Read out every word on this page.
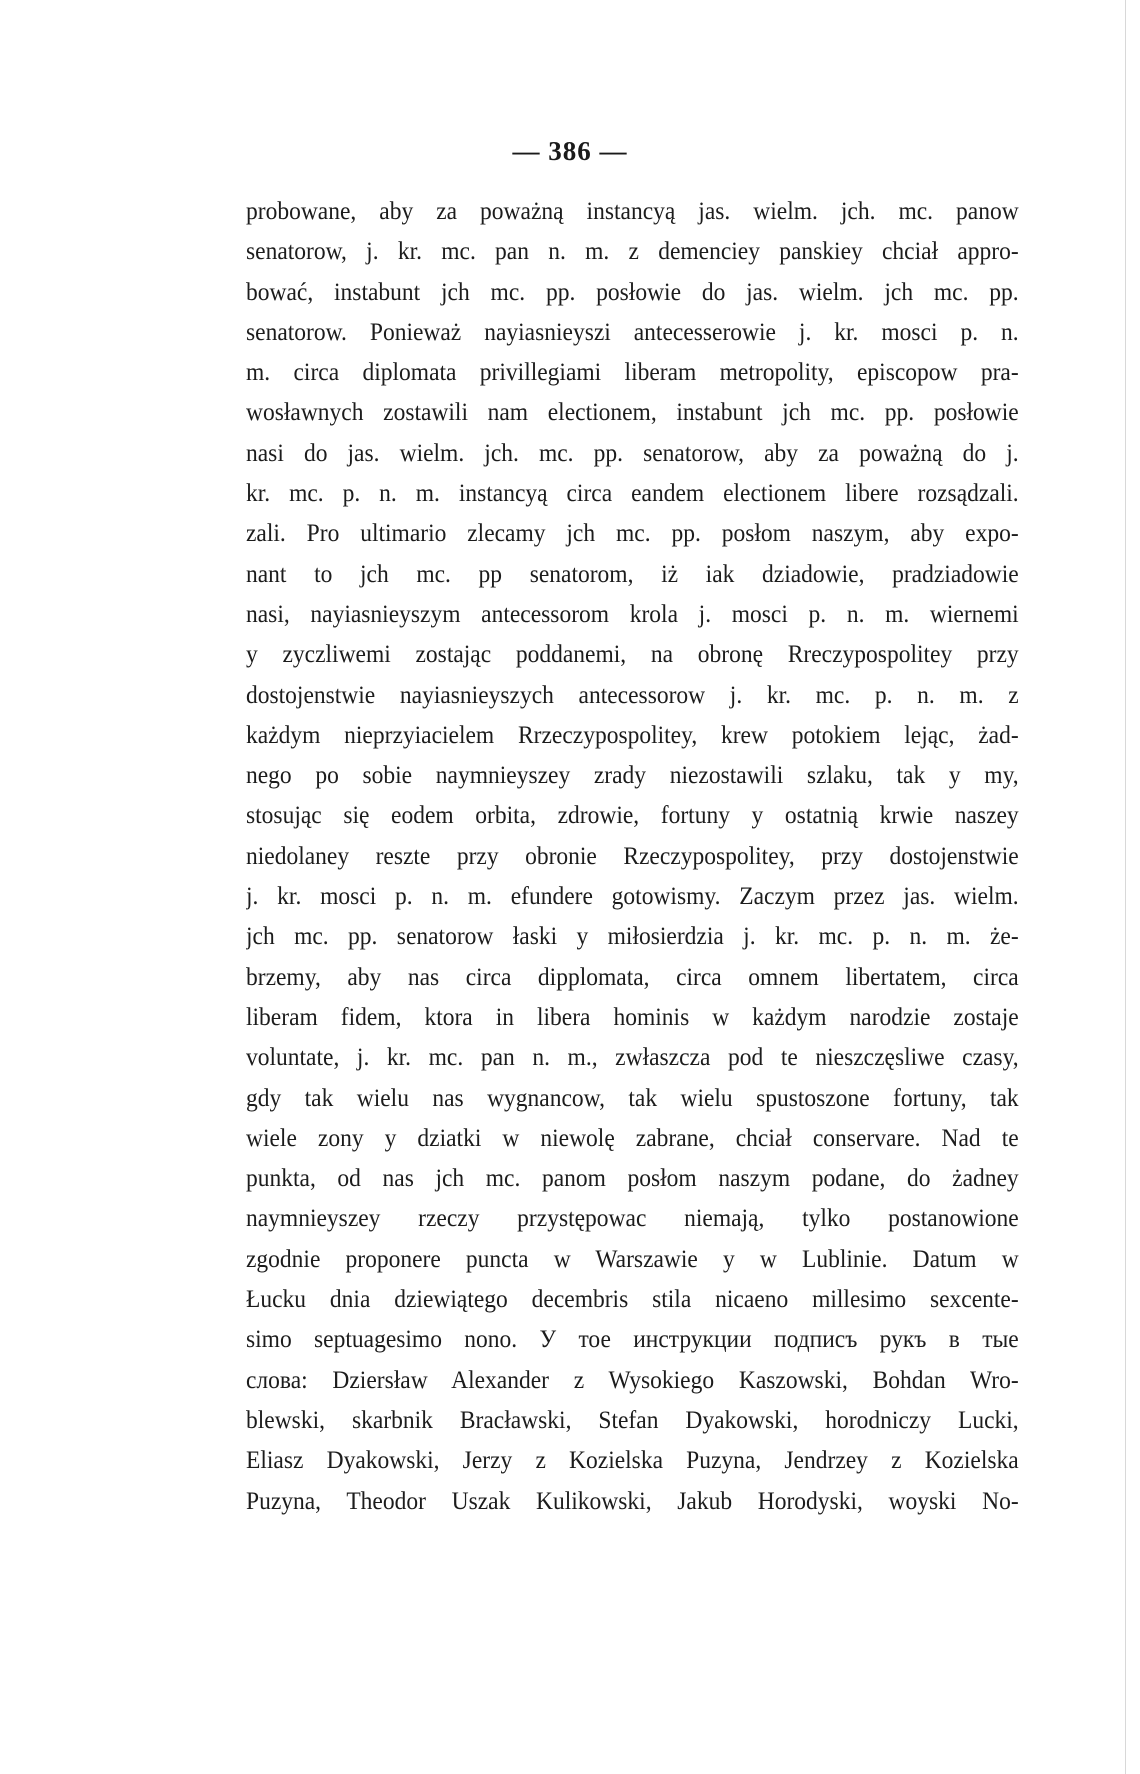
— 386 —
probowane, aby za poważną instancyą jas. wielm. jch. mc. panow
senatorow, j. kr. mc. pan n. m. z demenciey panskiey chciał appro-
bować, instabunt jch mc. pp. posłowie do jas. wielm. jch mc. pp.
senatorow. Ponieważ nayiasnieyszi antecesserowie j. kr. mosci p. n.
m. circa diplomata privillegiami liberam metropolity, episcopow pra-
wosławnych zostawili nam electionem, instabunt jch mc. pp. posłowie
nasi do jas. wielm. jch. mc. pp. senatorow, aby za poważną do j.
kr. mc. p. n. m. instancyą circa eandem electionem libere rozsądzali.
zali. Pro ultimario zlecamy jch mc. pp. posłom naszym, aby expo-
nant to jch mc. pp senatorom, iż iak dziadowie, pradziadowie
nasi, nayiasnieyszym antecessorom krola j. mosci p. n. m. wiernemi
y zyczliwemi zostając poddanemi, na obronę Rreczypospolitey przy
dostojenstwie nayiasnieyszych antecessorow j. kr. mc. p. n. m. z
każdym nieprzyiacielem Rrzeczypospolitey, krew potokiem lejąc, żad-
nego po sobie naymnieyszey zrady niezostawili szlaku, tak y my,
stosując się eodem orbita, zdrowie, fortuny y ostatnią krwie naszey
niedolaney reszte przy obronie Rzeczypospolitey, przy dostojenstwie
j. kr. mosci p. n. m. efundere gotowismy. Zaczym przez jas. wielm.
jch mc. pp. senatorow łaski y miłosierdzia j. kr. mc. p. n. m. że-
brzemy, aby nas circa dipplomata, circa omnem libertatem, circa
liberam fidem, ktora in libera hominis w każdym narodzie zostaje
voluntate, j. kr. mc. pan n. m., zwłaszcza pod te nieszczęsliwe czasy,
gdy tak wielu nas wygnancow, tak wielu spustoszone fortuny, tak
wiele zony y dziatki w niewolę zabrane, chciał conservare. Nad te
punkta, od nas jch mc. panom posłom naszym podane, do żadney
naymnieyszey rzeczy przystępowac niemają, tylko postanowione
zgodnie proponere puncta w Warszawie y w Lublinie. Datum w
Łucku dnia dziewiątego decembris stila nicaeno millesimo sexcente-
simo septuagesimo nono. У тое инструкции подписъ рукъ в тые
слова: Dziersław Alexander z Wysokiego Kaszowski, Bohdan Wro-
blewski, skarbnik Bracławski, Stefan Dyakowski, horodniczy Lucki,
Eliasz Dyakowski, Jerzy z Kozielska Puzyna, Jendrzey z Kozielska
Puzyna, Theodor Uszak Kulikowski, Jakub Horodyski, woyski No-
